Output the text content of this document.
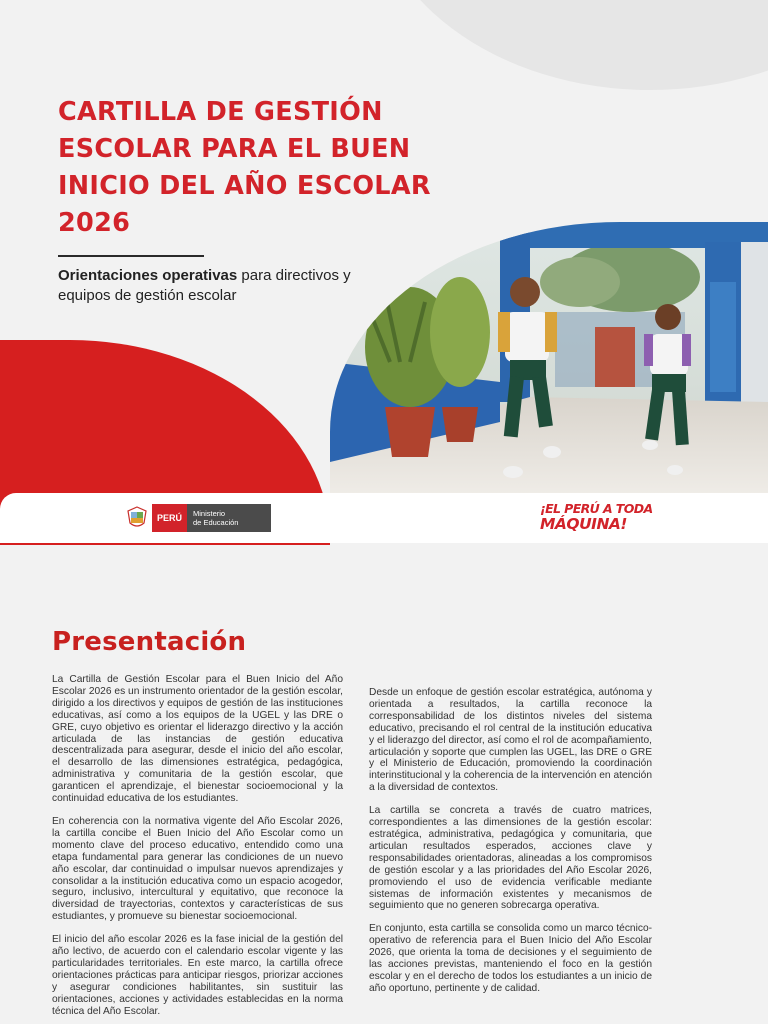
CARTILLA DE GESTIÓN ESCOLAR PARA EL BUEN INICIO DEL AÑO ESCOLAR 2026

Orientaciones operativas para directivos y equipos de gestión escolar

PERÚ	Ministerio
de Educación
¡EL PERÚ A TODA
MÁQUINA!
Presentación

La Cartilla de Gestión Escolar para el Buen Inicio del Año Escolar 2026 es un instrumento orientador de la gestión escolar, dirigido a los directivos y equipos de gestión de las instituciones educativas, así como a los equipos de la UGEL y las DRE o GRE, cuyo objetivo es orientar el liderazgo directivo y la acción articulada de las instancias de gestión educativa descentralizada para asegurar, desde el inicio del año escolar, el desarrollo de las dimensiones estratégica, pedagógica, administrativa y comunitaria de la gestión escolar, que garanticen el aprendizaje, el bienestar socioemocional y la continuidad educativa de los estudiantes.

En coherencia con la normativa vigente del Año Escolar 2026, la cartilla concibe el Buen Inicio del Año Escolar como un momento clave del proceso educativo, entendido como una etapa fundamental para generar las condiciones de un nuevo año escolar, dar continuidad o impulsar nuevos aprendizajes y consolidar a la institución educativa como un espacio acogedor, seguro, inclusivo, intercultural y equitativo, que reconoce la diversidad de trayectorias, contextos y características de sus estudiantes, y promueve su bienestar socioemocional.

El inicio del año escolar 2026 es la fase inicial de la gestión del año lectivo, de acuerdo con el calendario escolar vigente y las particularidades territoriales. En este marco, la cartilla ofrece orientaciones prácticas para anticipar riesgos, priorizar acciones y asegurar condiciones habilitantes, sin sustituir las orientaciones, acciones y actividades establecidas en la norma técnica del Año Escolar.

Desde un enfoque de gestión escolar estratégica, autónoma y orientada a resultados, la cartilla reconoce la corresponsabilidad de los distintos niveles del sistema educativo, precisando el rol central de la institución educativa y el liderazgo del director, así como el rol de acompañamiento, articulación y soporte que cumplen las UGEL, las DRE o GRE y el Ministerio de Educación, promoviendo la coordinación interinstitucional y la coherencia de la intervención en atención a la diversidad de contextos.

La cartilla se concreta a través de cuatro matrices, correspondientes a las dimensiones de la gestión escolar: estratégica, administrativa, pedagógica y comunitaria, que articulan resultados esperados, acciones clave y responsabilidades orientadoras, alineadas a los compromisos de gestión escolar y a las prioridades del Año Escolar 2026, promoviendo el uso de evidencia verificable mediante sistemas de información existentes y mecanismos de seguimiento que no generen sobrecarga operativa.

En conjunto, esta cartilla se consolida como un marco técnico-operativo de referencia para el Buen Inicio del Año Escolar 2026, que orienta la toma de decisiones y el seguimiento de las acciones previstas, manteniendo el foco en la gestión escolar y en el derecho de todos los estudiantes a un inicio de año oportuno, pertinente y de calidad.
